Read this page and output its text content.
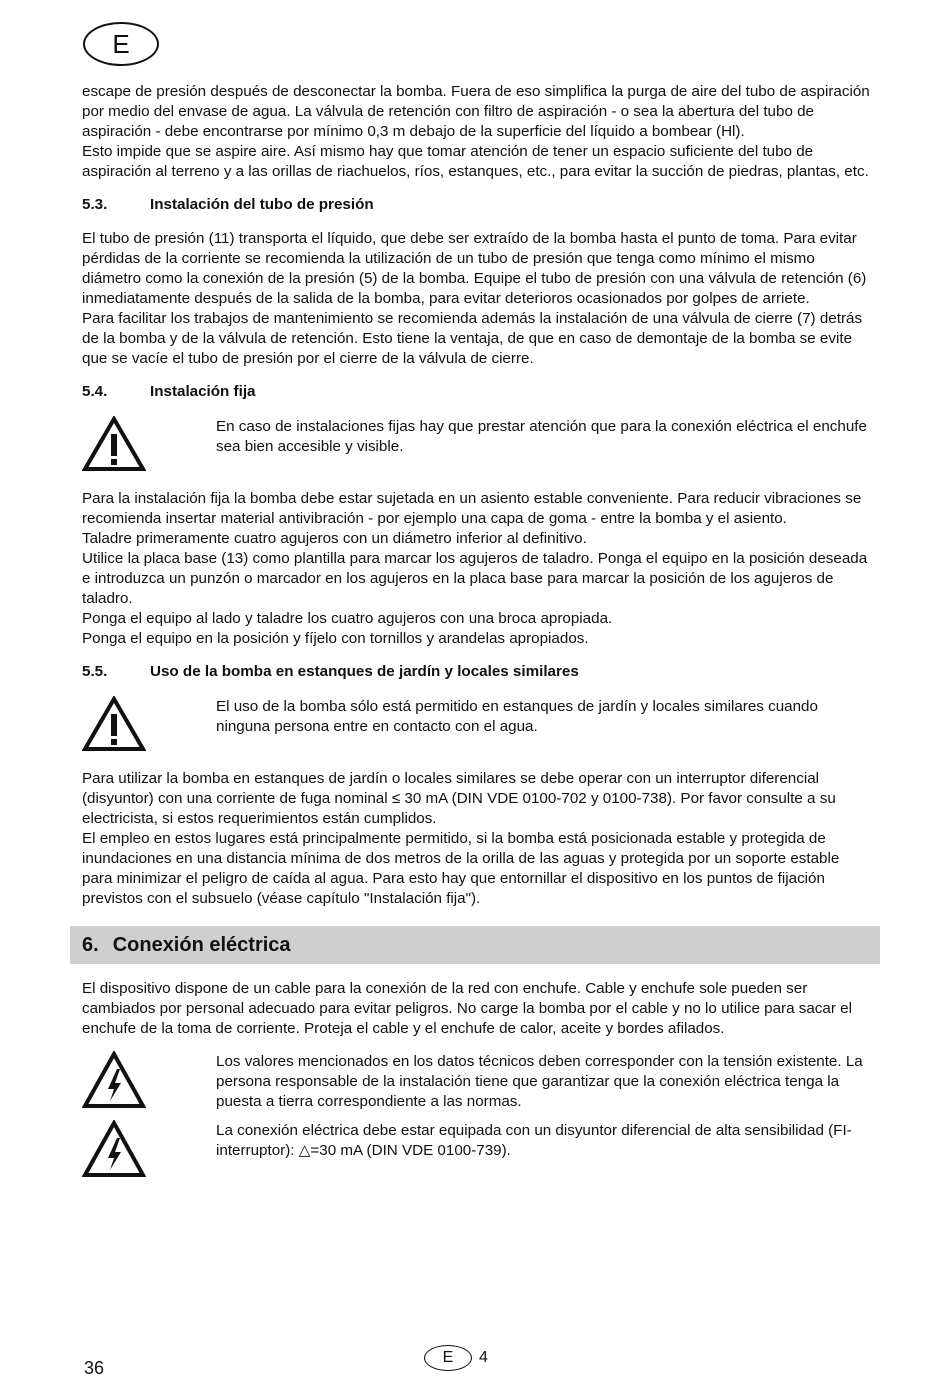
E

escape de presión después de desconectar la bomba. Fuera de eso simplifica la purga de aire del tubo de aspiración por medio del envase de agua. La válvula de retención con filtro de aspiración - o sea la abertura del tubo de aspiración - debe encontrarse por mínimo 0,3 m debajo de la superficie del líquido a bombear (Hl).

Esto impide que se aspire aire. Así mismo hay que tomar atención de tener un espacio suficiente del tubo de aspiración al terreno y a las orillas de riachuelos, ríos, estanques, etc., para evitar la succión de piedras, plantas, etc.

5.3.	Instalación del tubo de presión

El tubo de presión (11) transporta el líquido, que debe ser extraído de la bomba hasta el punto de toma. Para evitar pérdidas de la corriente se recomienda la utilización de un tubo de presión que tenga como mínimo el mismo diámetro como la conexión de la presión (5) de la bomba. Equipe el tubo de presión con una válvula de retención (6) inmediatamente después de la salida de la bomba, para evitar deterioros ocasionados por golpes de arriete.

Para facilitar los trabajos de mantenimiento se recomienda además la instalación de una válvula de cierre (7) detrás de la bomba y de la válvula de retención. Esto tiene la ventaja, de que en caso de demontaje de la bomba se evite que se vacíe el tubo de presión por el cierre de la válvula de cierre.

5.4.	Instalación fija
En caso de instalaciones fijas hay que prestar atención que para la conexión eléctrica el enchufe sea bien accesible y visible.

Para la instalación fija la bomba debe estar sujetada en un asiento estable conveniente. Para reducir vibraciones se recomienda insertar material antivibración - por ejemplo una capa de goma - entre la bomba y el asiento.

Taladre primeramente cuatro agujeros con un diámetro inferior al definitivo.

Utilice la placa base (13) como plantilla para marcar los agujeros de taladro. Ponga el equipo en la posición deseada e introduzca un punzón o marcador en los agujeros en la placa base para marcar la posición de los agujeros de taladro.

Ponga el equipo al lado y taladre los cuatro agujeros con una broca apropiada.

Ponga el equipo en la posición y fíjelo con tornillos y arandelas apropiados.

5.5.	Uso de la bomba en estanques de jardín y locales similares
El uso de la bomba sólo está permitido en estanques de jardín y locales similares cuando ninguna persona entre en contacto con el agua.

Para utilizar la bomba en estanques de jardín o locales similares se debe operar con un interruptor diferencial (disyuntor) con una corriente de fuga nominal ≤ 30 mA (DIN VDE 0100-702 y 0100-738). Por favor consulte a su electricista, si estos requerimientos están cumplidos.

El empleo en estos lugares está principalmente permitido, si la bomba está posicionada estable y protegida de inundaciones en una distancia mínima de dos metros de la orilla de las aguas y protegida por un soporte estable para minimizar el peligro de caída al agua. Para esto hay que entornillar el dispositivo en los puntos de fijación previstos con el subsuelo (véase capítulo "Instalación fija").

6. Conexión eléctrica

El dispositivo dispone de un cable para la conexión de la red con enchufe. Cable y enchufe sole pueden ser cambiados por personal adecuado para evitar peligros. No carge la bomba por el cable y no lo utilice para sacar el enchufe de la toma de corriente. Proteja el cable y el enchufe de calor, aceite y bordes afilados.

Los valores mencionados en los datos técnicos deben corresponder con la tensión existente. La persona responsable de la instalación tiene que garantizar que la conexión eléctrica tenga la puesta a tierra correspondiente a las normas.
La conexión eléctrica debe estar equipada con un disyuntor diferencial de alta sensibilidad (FI-interruptor): △=30 mA (DIN VDE 0100-739).
36
E	4
